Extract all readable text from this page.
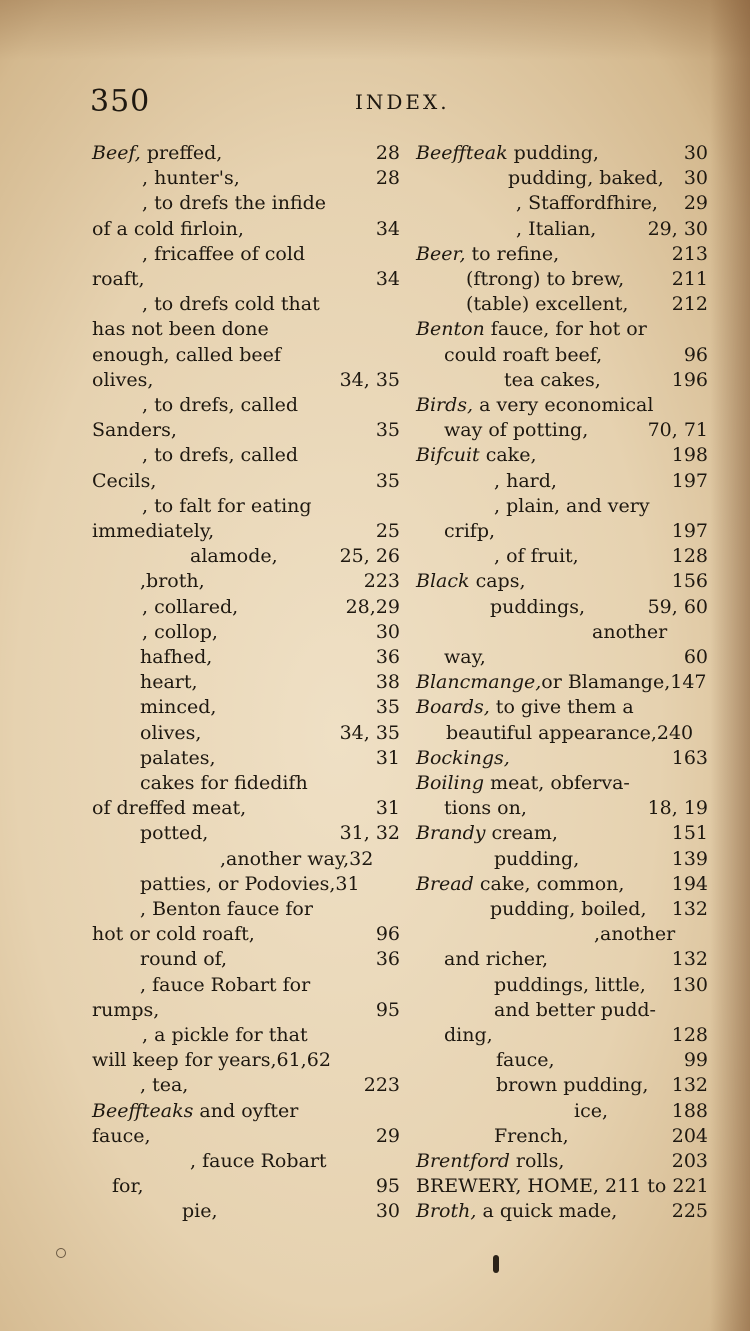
350	INDEX.
Beef, preffed,	28
, hunter's,	28
, to drefs the infide
of a cold firloin,	34
, fricaffee of cold
roaft,	34
, to drefs cold that
has not been done
enough, called beef
olives,	34, 35
, to drefs, called
Sanders,	35
, to drefs, called
Cecils,	35
, to falt for eating
immediately,	25
alamode,	25, 26
,broth,	223
, collared,	28,29
, collop,	30
hafhed,	36
heart,	38
minced,	35
olives,	34, 35
palates,	31
cakes for fidedifh
of dreffed meat,	31
potted,	31, 32
,another way,32
patties, or Podovies,31
, Benton fauce for
hot or cold roaft,	96
round of,	36
, fauce Robart for
rumps,	95
, a pickle for that
will keep for years,61,62
, tea,	223
Beeffteaks and oyfter
fauce,	29
, fauce Robart
for,	95
pie,	30
Beeffteak pudding,	30
pudding, baked, 30
, Staffordfhire, 29
, Italian,	29, 30
Beer, to refine,	213
(ftrong) to brew,	211
(table) excellent, 212
Benton fauce, for hot or
could roaft beef,	96
tea cakes,	196
Birds, a very economical
way of potting,	70, 71
Bifcuit cake,	198
, hard,	197
, plain, and very
crifp,	197
, of fruit,	128
Black caps,	156
puddings,	59, 60
another
way,	60
Blancmange,or Blamange,147
Boards, to give them a
beautiful appearance,240
Bockings,	163
Boiling meat, obferva-
tions on,	18, 19
Brandy cream,	151
pudding,	139
Bread cake, common, 194
pudding, boiled, 132
,another
and richer,	132
puddings, little, 130
and better pudd-
ding,	128
fauce,	99
brown pudding, 132
ice,	188
French,	204
Brentford rolls,	203
BREWERY, HOME, 211 to 221
Broth, a quick made,	225
